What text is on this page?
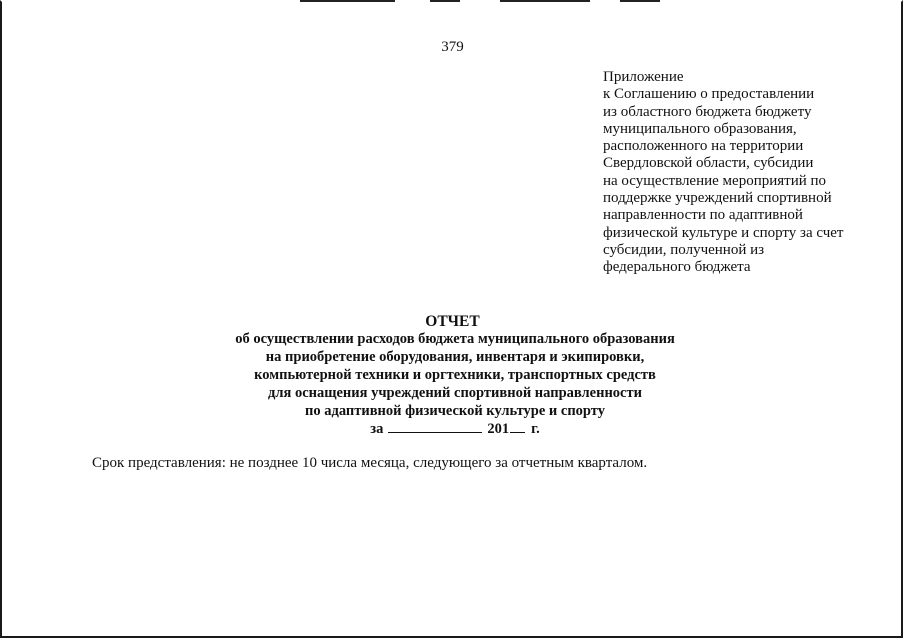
379
Приложение
к Соглашению о предоставлении
из областного бюджета бюджету
муниципального образования,
расположенного на территории
Свердловской области, субсидии
на осуществление мероприятий по
поддержке учреждений спортивной
направленности по адаптивной
физической культуре и спорту за счет
субсидии, полученной из
федерального бюджета
ОТЧЕТ
об осуществлении расходов бюджета муниципального образования
на приобретение оборудования, инвентаря и экипировки,
компьютерной техники и оргтехники, транспортных средств
для оснащения учреждений спортивной направленности
по адаптивной физической культуре и спорту
за	201 г.
Срок представления: не позднее 10 числа месяца, следующего за отчетным кварталом.
